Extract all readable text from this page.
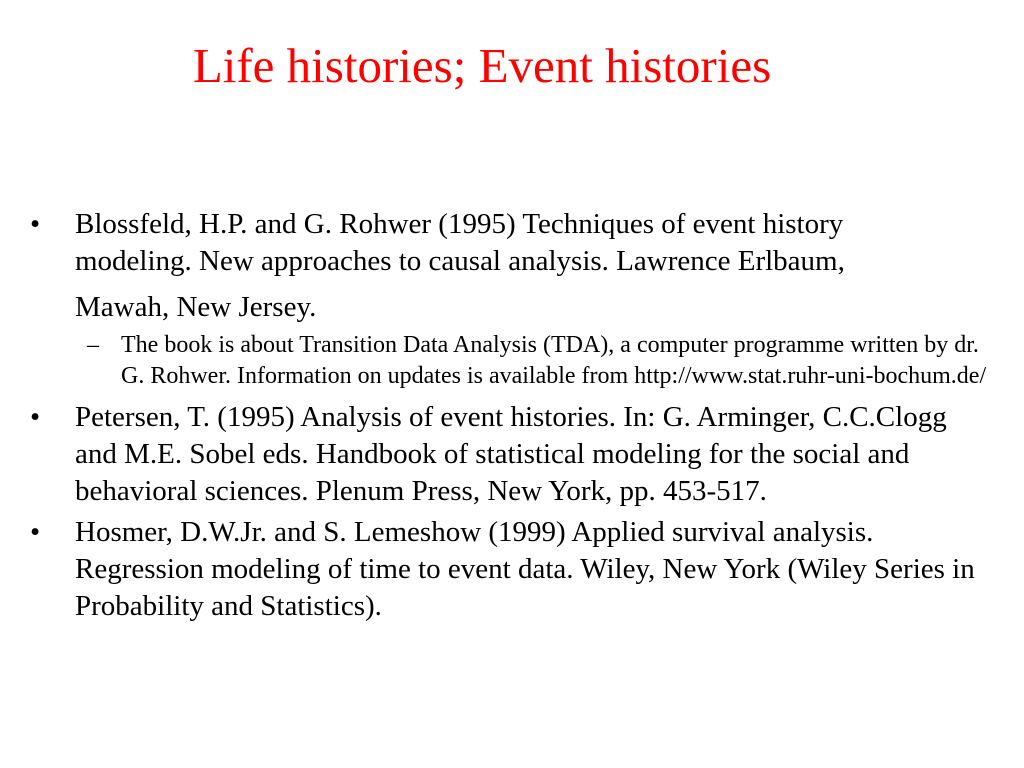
Life histories; Event histories
•	Blossfeld, H.P. and G. Rohwer (1995) Techniques of event history
modeling. New approaches to causal analysis. Lawrence Erlbaum,
Mawah, New Jersey.
– The book is about Transition Data Analysis (TDA), a computer programme written by dr. G. Rohwer. Information on updates is available from http://www.stat.ruhr-uni-bochum.de/
•	Petersen, T. (1995) Analysis of event histories. In: G. Arminger, C.C.Clogg and M.E. Sobel eds. Handbook of statistical modeling for the social and behavioral sciences. Plenum Press, New York, pp. 453-517.
•	Hosmer, D.W.Jr. and S. Lemeshow (1999) Applied survival analysis. Regression modeling of time to event data. Wiley, New York (Wiley Series in Probability and Statistics).
